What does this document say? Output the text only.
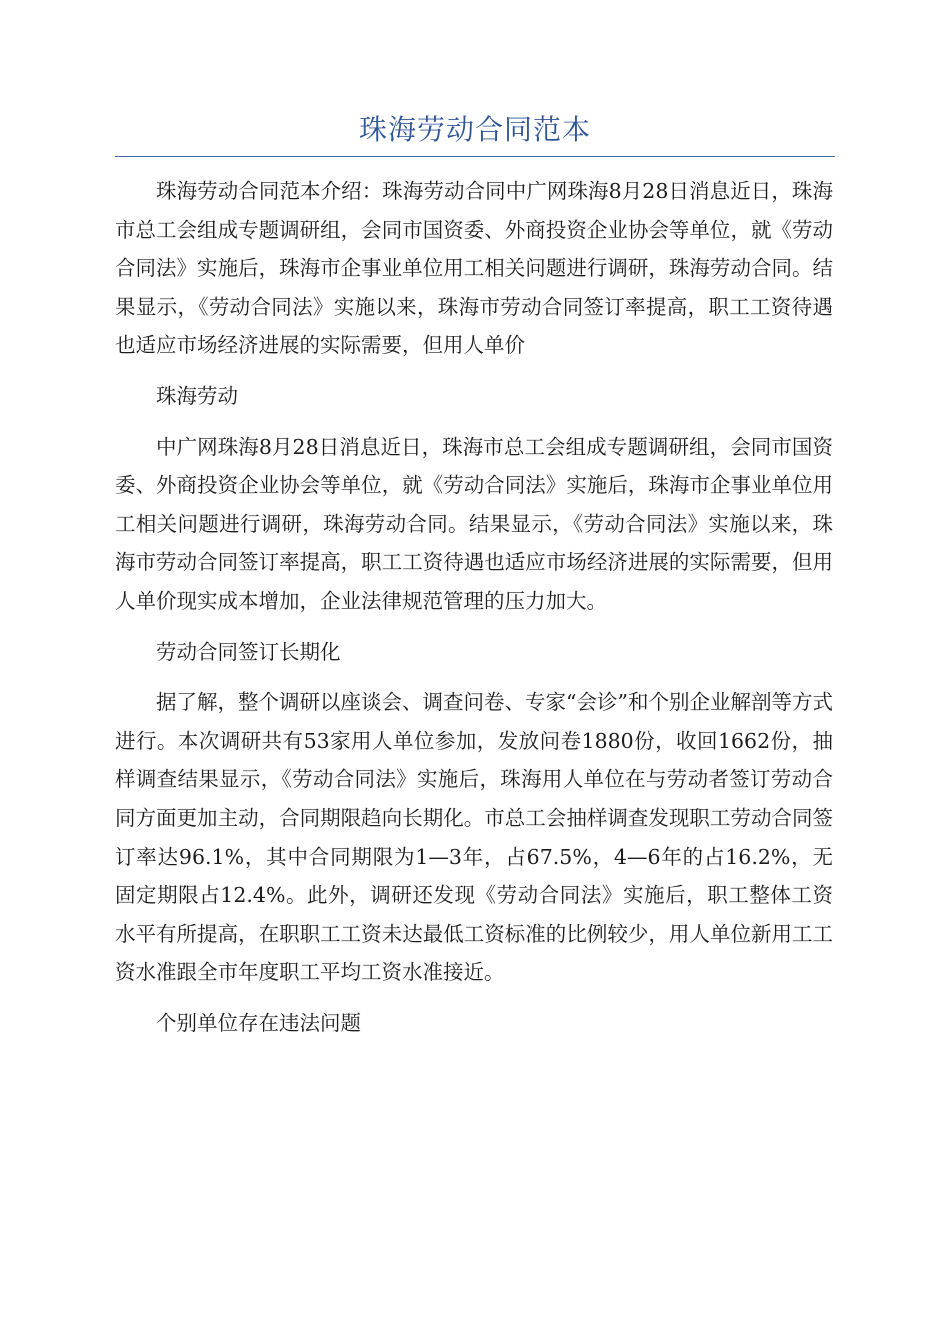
珠海劳动合同范本

珠海劳动合同范本介绍：珠海劳动合同中广网珠海8月28日消息近日，珠海市总工会组成专题调研组，会同市国资委、外商投资企业协会等单位，就《劳动合同法》实施后，珠海市企事业单位用工相关问题进行调研，珠海劳动合同。结果显示，《劳动合同法》实施以来，珠海市劳动合同签订率提高，职工工资待遇也适应市场经济进展的实际需要，但用人单价

珠海劳动

中广网珠海8月28日消息近日，珠海市总工会组成专题调研组，会同市国资委、外商投资企业协会等单位，就《劳动合同法》实施后，珠海市企事业单位用工相关问题进行调研，珠海劳动合同。结果显示，《劳动合同法》实施以来，珠海市劳动合同签订率提高，职工工资待遇也适应市场经济进展的实际需要，但用人单价现实成本增加，企业法律规范管理的压力加大。

劳动合同签订长期化

据了解，整个调研以座谈会、调查问卷、专家“会诊”和个别企业解剖等方式进行。本次调研共有53家用人单位参加，发放问卷1880份，收回1662份，抽样调查结果显示，《劳动合同法》实施后，珠海用人单位在与劳动者签订劳动合同方面更加主动，合同期限趋向长期化。市总工会抽样调查发现职工劳动合同签订率达96.1%，其中合同期限为1—3年，占67.5%，4—6年的占16.2%，无固定期限占12.4%。此外，调研还发现《劳动合同法》实施后，职工整体工资水平有所提高，在职职工工资未达最低工资标准的比例较少，用人单位新用工工资水准跟全市年度职工平均工资水准接近。

个别单位存在违法问题
